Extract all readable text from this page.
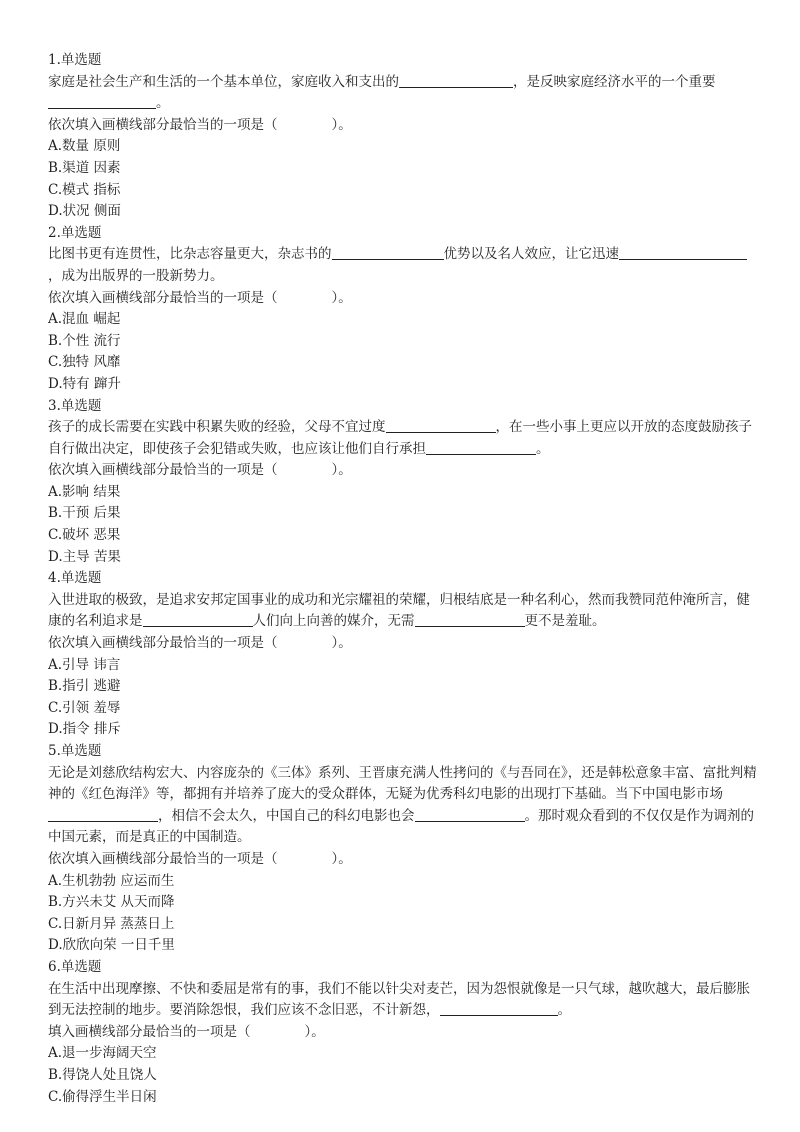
1.单选题
家庭是社会生产和生活的一个基本单位，家庭收入和支出的	，是反映家庭经济水平的一个重要。
依次填入画横线部分最恰当的一项是（　　　　）。
A.数量 原则
B.渠道 因素
C.模式 指标
D.状况 侧面
2.单选题
比图书更有连贯性，比杂志容量更大，杂志书的	优势以及名人效应，让它迅速，成为出版界的一股新势力。
依次填入画横线部分最恰当的一项是（　　　　）。
A.混血 崛起
B.个性 流行
C.独特 风靡
D.特有 蹿升
3.单选题
孩子的成长需要在实践中积累失败的经验，父母不宜过度	，在一些小事上更应以开放的态度鼓励孩子自行做出决定，即使孩子会犯错或失败，也应该让他们自行承担	。
依次填入画横线部分最恰当的一项是（　　　　）。
A.影响 结果
B.干预 后果
C.破坏 恶果
D.主导 苦果
4.单选题
入世进取的极致，是追求安邦定国事业的成功和光宗耀祖的荣耀，归根结底是一种名利心，然而我赞同范仲淹所言，健康的名利追求是	人们向上向善的媒介，无需	更不是羞耻。
依次填入画横线部分最恰当的一项是（　　　　）。
A.引导 讳言
B.指引 逃避
C.引领 羞辱
D.指令 排斥
5.单选题
无论是刘慈欣结构宏大、内容庞杂的《三体》系列、王晋康充满人性拷问的《与吾同在》，还是韩松意象丰富、富批判精神的《红色海洋》等，都拥有并培养了庞大的受众群体，无疑为优秀科幻电影的出现打下基础。当下中国电影市场，相信不会太久，中国自己的科幻电影也会	。那时观众看到的不仅仅是作为调剂的中国元素，而是真正的中国制造。
依次填入画横线部分最恰当的一项是（　　　　）。
A.生机勃勃 应运而生
B.方兴未艾 从天而降
C.日新月异 蒸蒸日上
D.欣欣向荣 一日千里
6.单选题
在生活中出现摩擦、不快和委屈是常有的事，我们不能以针尖对麦芒，因为怨恨就像是一只气球，越吹越大，最后膨胀到无法控制的地步。要消除怨恨，我们应该不念旧恶，不计新怨，	。
填入画横线部分最恰当的一项是（　　　　）。
A.退一步海阔天空
B.得饶人处且饶人
C.偷得浮生半日闲
